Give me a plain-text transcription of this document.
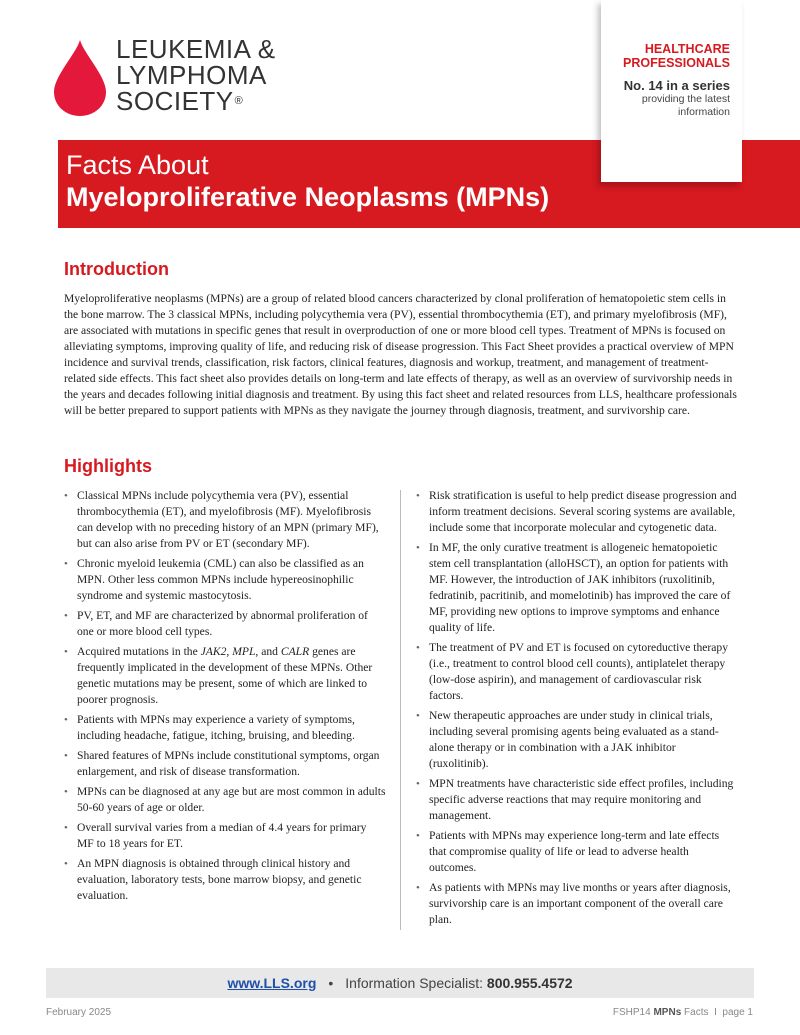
LEUKEMIA &
LYMPHOMA
SOCIETY®
Facts About
Myeloproliferative Neoplasms (MPNs)
HEALTHCARE
PROFESSIONALS
No. 14 in a series
providing the latest
information
Introduction
Myeloproliferative neoplasms (MPNs) are a group of related blood cancers characterized by clonal proliferation of hematopoietic stem cells in the bone marrow. The 3 classical MPNs, including polycythemia vera (PV), essential thrombocythemia (ET), and primary myelofibrosis (MF), are associated with mutations in specific genes that result in overproduction of one or more blood cell types. Treatment of MPNs is focused on alleviating symptoms, improving quality of life, and reducing risk of disease progression. This Fact Sheet provides a practical overview of MPN incidence and survival trends, classification, risk factors, clinical features, diagnosis and workup, treatment, and management of treatment-related side effects. This fact sheet also provides details on long-term and late effects of therapy, as well as an overview of survivorship needs in the years and decades following initial diagnosis and treatment. By using this fact sheet and related resources from LLS, healthcare professionals will be better prepared to support patients with MPNs as they navigate the journey through diagnosis, treatment, and survivorship care.
Highlights
• Classical MPNs include polycythemia vera (PV), essential thrombocythemia (ET), and myelofibrosis (MF). Myelofibrosis can develop with no preceding history of an MPN (primary MF), but can also arise from PV or ET (secondary MF).
• Chronic myeloid leukemia (CML) can also be classified as an MPN. Other less common MPNs include hypereosinophilic syndrome and systemic mastocytosis.
• PV, ET, and MF are characterized by abnormal proliferation of one or more blood cell types.
• Acquired mutations in the JAK2, MPL, and CALR genes are frequently implicated in the development of these MPNs. Other genetic mutations may be present, some of which are linked to poorer prognosis.
• Patients with MPNs may experience a variety of symptoms, including headache, fatigue, itching, bruising, and bleeding.
• Shared features of MPNs include constitutional symptoms, organ enlargement, and risk of disease transformation.
• MPNs can be diagnosed at any age but are most common in adults 50-60 years of age or older.
• Overall survival varies from a median of 4.4 years for primary MF to 18 years for ET.
• An MPN diagnosis is obtained through clinical history and evaluation, laboratory tests, bone marrow biopsy, and genetic evaluation.
• Risk stratification is useful to help predict disease progression and inform treatment decisions. Several scoring systems are available, include some that incorporate molecular and cytogenetic data.
• In MF, the only curative treatment is allogeneic hematopoietic stem cell transplantation (alloHSCT), an option for patients with MF. However, the introduction of JAK inhibitors (ruxolitinib, fedratinib, pacritinib, and momelotinib) has improved the care of MF, providing new options to improve symptoms and enhance quality of life.
• The treatment of PV and ET is focused on cytoreductive therapy (i.e., treatment to control blood cell counts), antiplatelet therapy (low-dose aspirin), and management of cardiovascular risk factors.
• New therapeutic approaches are under study in clinical trials, including several promising agents being evaluated as a stand-alone therapy or in combination with a JAK inhibitor (ruxolitinib).
• MPN treatments have characteristic side effect profiles, including specific adverse reactions that may require monitoring and management.
• Patients with MPNs may experience long-term and late effects that compromise quality of life or lead to adverse health outcomes.
• As patients with MPNs may live months or years after diagnosis, survivorship care is an important component of the overall care plan.
www.LLS.org • Information Specialist: 800.955.4572
February 2025	FSHP14 MPNs Facts I page 1
